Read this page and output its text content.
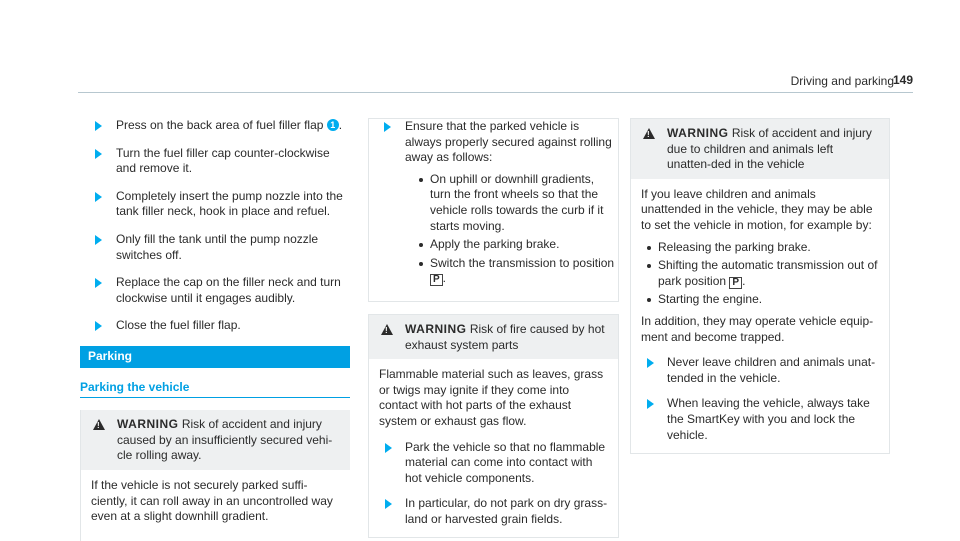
Driving and parking
149
Press on the back area of fuel filler flap 1 .
Turn the fuel filler cap counter-clockwise and remove it.
Completely insert the pump nozzle into the tank filler neck, hook in place and refuel.
Only fill the tank until the pump nozzle switches off.
Replace the cap on the filler neck and turn clockwise until it engages audibly.
Close the fuel filler flap.
Parking
Parking the vehicle
!
WARNING Risk of accident and injury caused by an insufficiently secured vehi-cle rolling away.

If the vehicle is not securely parked suffi-ciently, it can roll away in an uncontrolled way even at a slight downhill gradient.

Ensure that the parked vehicle is always properly secured against rolling away as follows:
On uphill or downhill gradients, turn the front wheels so that the vehicle rolls towards the curb if it starts moving.
Apply the parking brake.
Switch the transmission to position
P .
!
WARNING Risk of fire caused by hot exhaust system parts

Flammable material such as leaves, grass or twigs may ignite if they come into contact with hot parts of the exhaust system or exhaust gas flow.

Park the vehicle so that no flammable material can come into contact with hot vehicle components.
In particular, do not park on dry grass-land or harvested grain fields.
!
WARNING Risk of accident and injury due to children and animals left unatten-ded in the vehicle

If you leave children and animals unattended in the vehicle, they may be able to set the vehicle in motion, for example by:

Releasing the parking brake.
Shifting the automatic transmission out of park position P .
Starting the engine.

In addition, they may operate vehicle equip-ment and become trapped.

Never leave children and animals unat-tended in the vehicle.
When leaving the vehicle, always take the SmartKey with you and lock the vehicle.
